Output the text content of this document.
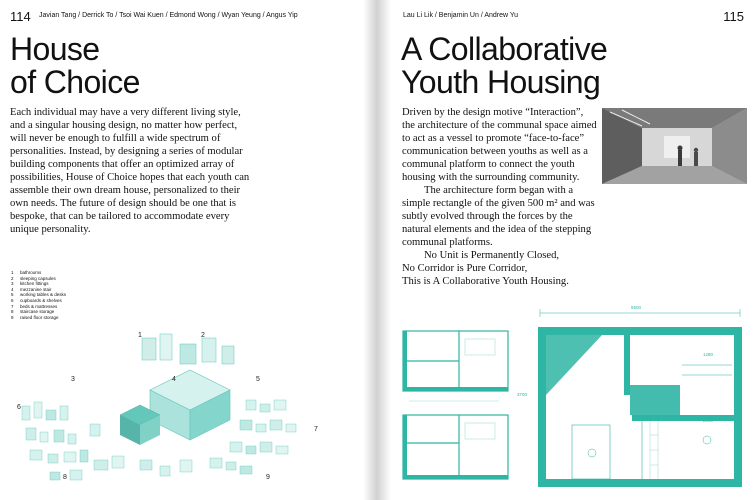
114 Javian Tang / Derrick To / Tsoi Wai Kuen / Edmond Wong / Wyan Yeung / Angus Yip
House
of Choice

Each individual may have a very different living style, and a singular housing design, no matter how perfect, will never be enough to fulfill a wide spectrum of personalities. Instead, by designing a series of modular building components that offer an optimized array of possibilities, House of Choice hopes that each youth can assemble their own dream house, personalized to their own needs. The future of design should be one that is bespoke, that can be tailored to accommodate every unique personality.

1 bathrooms
2 sleeping capsules
3 kitchen fittings
4 mezzanine stair
5 working tables & desks
6 cupboards & shelves
7 beds & mattresses
8 staircase storage
9 raised floor storage
1	2
3	4	5
6
7
8	9
Lau Li Lik / Benjamin Un / Andrew Yu	115
A Collaborative
Youth Housing

Driven by the design motive “Interaction”, the architecture of the communal space aimed to act as a vessel to promote “face-to-face” communication between youths as well as a communal platform to connect the youth housing with the surrounding community.

The architecture form began with a simple rectangle of the given 500 m² and was subtly evolved through the forces by the natural elements and the idea of the stepping communal platforms.

No Unit is Permanently Closed,

No Corridor is Pure Corridor,

This is A Collaborative Youth Housing.

5500
1280
3700
2050
